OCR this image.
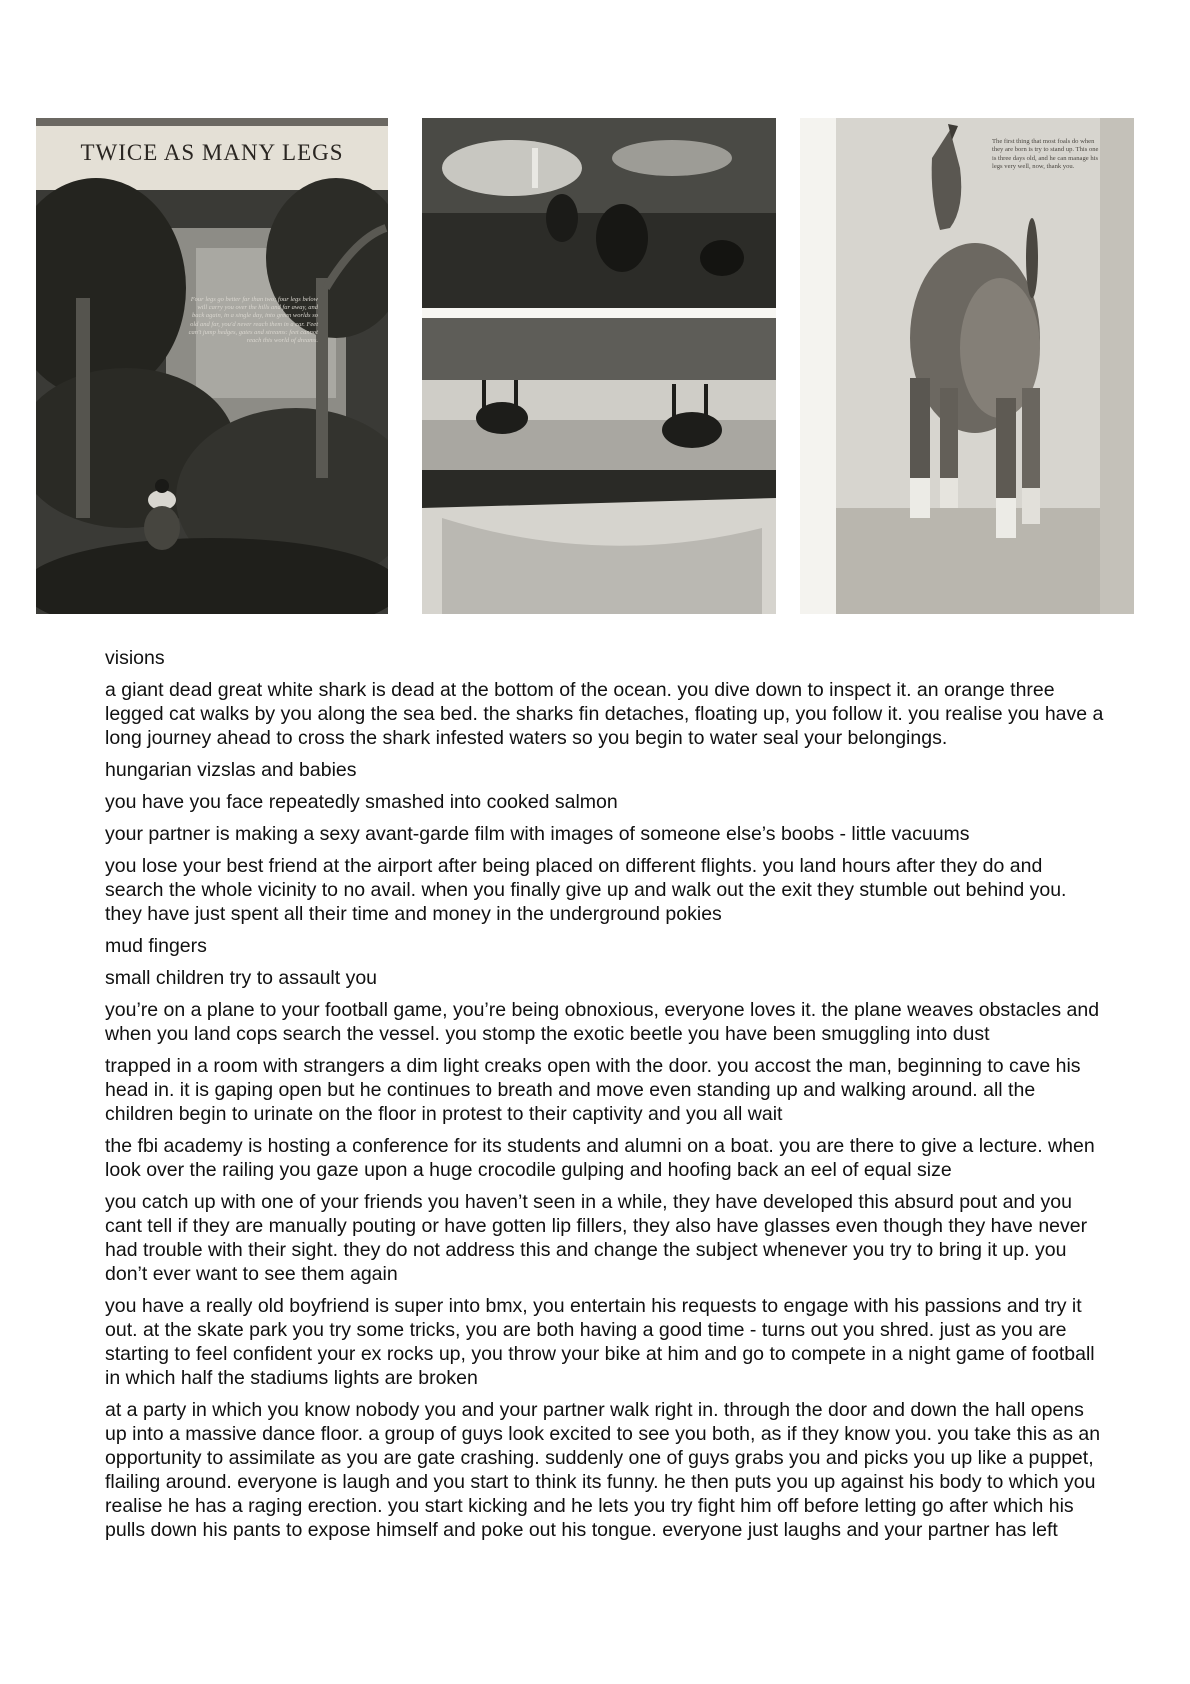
TWICE AS MANY LEGS
Four legs go better far than two; four legs below will carry you over the hills and far away, and back again, in a single day, into green worlds so old and far, you'd never reach them in a car. Feet can't jump hedges, gates and streams: feet cannot reach this world of dreams.
The first thing that most foals do when they are born is try to stand up. This one is three days old, and he can manage his legs very well, now, thank you.

visions

a giant dead great white shark is dead at the bottom of the ocean. you dive down to inspect it. an orange three legged cat walks by you along the sea bed. the sharks fin detaches, floating up, you follow it. you realise you have a long journey ahead to cross the shark infested waters so you begin to water seal your belongings.

hungarian vizslas and babies

you have you face repeatedly smashed into cooked salmon

your partner is making a sexy avant-garde film with images of someone else’s boobs - little vacuums

you lose your best friend at the airport after being placed on different flights. you land hours after they do and search the whole vicinity to no avail. when you finally give up and walk out the exit they stumble out behind you. they have just spent all their time and money in the underground pokies

mud fingers

small children try to assault you

you’re on a plane to your football game, you’re being obnoxious, everyone loves it. the plane weaves obstacles and when you land cops search the vessel. you stomp the exotic beetle you have been smuggling into dust

trapped in a room with strangers a dim light creaks open with the door. you accost the man, beginning to cave his head in. it is gaping open but he continues to breath and move even standing up and walking around. all the children begin to urinate on the floor in protest to their captivity and you all wait

the fbi academy is hosting a conference for its students and alumni on a boat. you are there to give a lecture. when look over the railing you gaze upon a huge crocodile gulping and hoofing back an eel of equal size

you catch up with one of your friends you haven’t seen in a while, they have developed this absurd pout and you cant tell if they are manually pouting or have gotten lip fillers, they also have glasses even though they have never had trouble with their sight. they do not address this and change the subject whenever you try to bring it up. you don’t ever want to see them again

you have a really old boyfriend is super into bmx, you entertain his requests to engage with his passions and try it out. at the skate park you try some tricks, you are both having a good time - turns out you shred. just as you are starting to feel confident your ex rocks up, you throw your bike at him and go to compete in a night game of football in which half the stadiums lights are broken

at a party in which you know nobody you and your partner walk right in. through the door and down the hall opens up into a massive dance floor. a group of guys look excited to see you both, as if they know you. you take this as an opportunity to assimilate as you are gate crashing. suddenly one of guys grabs you and picks you up like a puppet, flailing around. everyone is laugh and you start to think its funny. he then puts you up against his body to which you realise he has a raging erection. you start kicking and he lets you try fight him off before letting go after which his pulls down his pants to expose himself and poke out his tongue. everyone just laughs and your partner has left
